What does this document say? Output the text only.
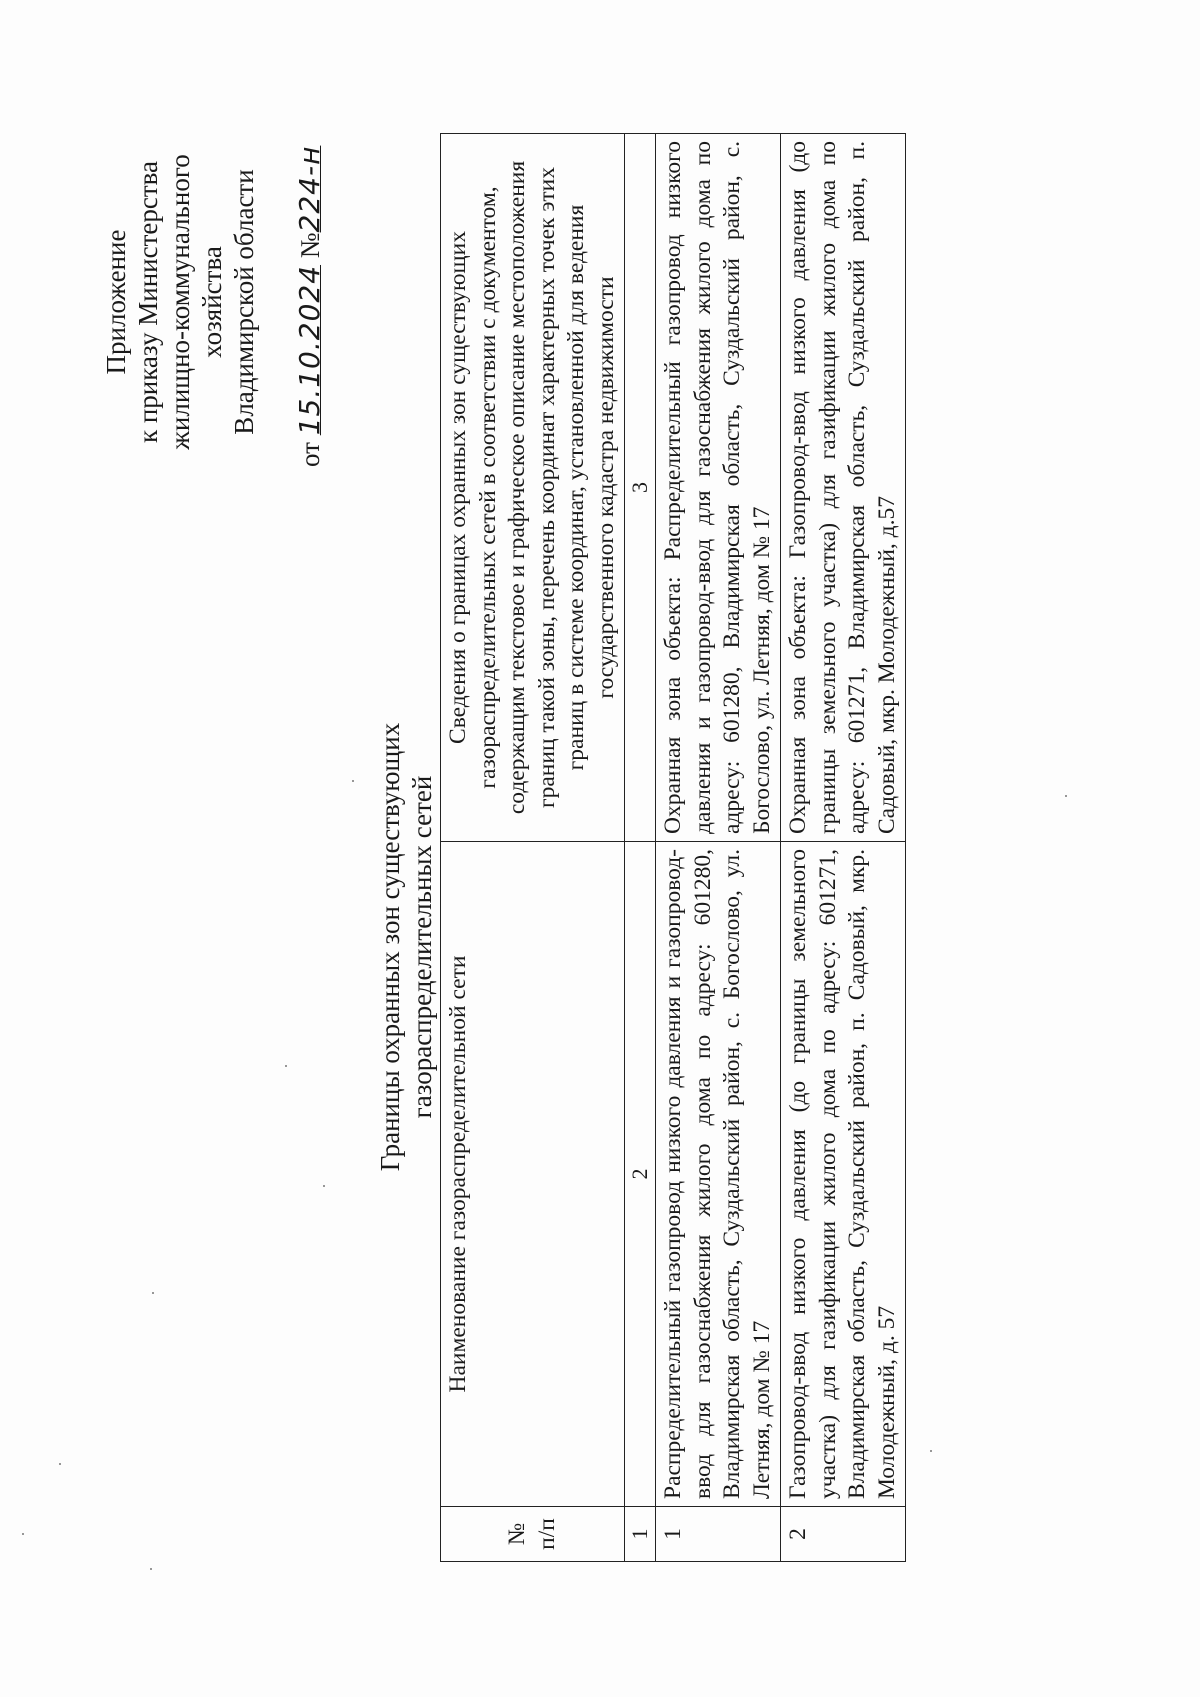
Приложение к приказу Министерства жилищно-коммунального хозяйства Владимирской области
от 15.10.2024 №224-н
Границы охранных зон существующих газораспределительных сетей
№ п/п	Наименование газораспределительной сети	Сведения о границах охранных зон существующих газораспределительных сетей в соответствии с документом, содержащим текстовое и графическое описание местоположения границ такой зоны, перечень координат характерных точек этих границ в системе координат, установленной для ведения государственного кадастра недвижимости
1	2	3
1	Распределительный газопровод низкого давления и газопровод-ввод для газоснабжения жилого дома по адресу: 601280, Владимирская область, Суздальский район, с. Богослово, ул. Летняя, дом № 17	Охранная зона объекта: Распределительный газопровод низкого давления и газопровод-ввод для газоснабжения жилого дома по адресу: 601280, Владимирская область, Суздальский район, с. Богослово, ул. Летняя, дом № 17
2	Газопровод-ввод низкого давления (до границы земельного участка) для газификации жилого дома по адресу: 601271, Владимирская область, Суздальский район, п. Садовый, мкр. Молодежный, д. 57	Охранная зона объекта: Газопровод-ввод низкого давления (до границы земельного участка) для газификации жилого дома по адресу: 601271, Владимирская область, Суздальский район, п. Садовый, мкр. Молодежный, д.57
